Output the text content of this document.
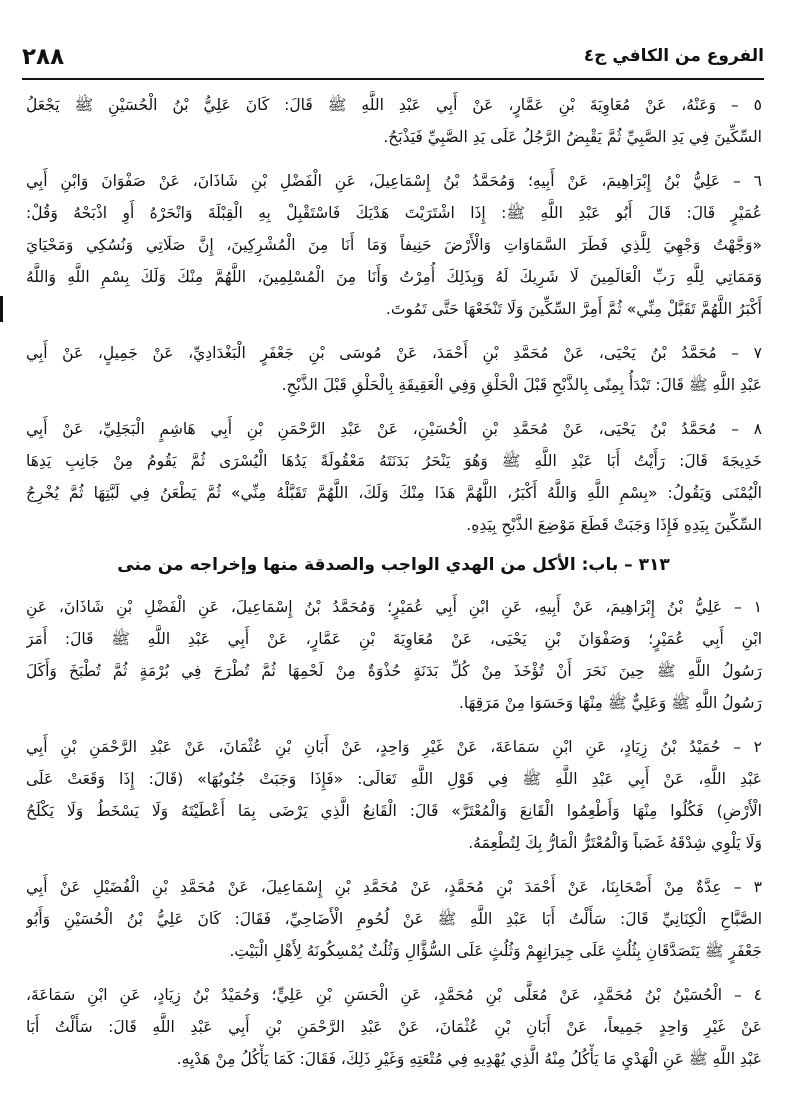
٢٨٨	الفروع من الكافي ج٤
٥ – وَعَنْهُ، عَنْ مُعَاوِيَةَ بْنِ عَمَّارٍ، عَنْ أَبِي عَبْدِ اللَّهِ ﷺ قَالَ: كَانَ عَلِيُّ بْنُ الْحُسَيْنِ ﷺ يَجْعَلُ
السِّكِّينَ فِي يَدِ الصَّبِيِّ ثُمَّ يَقْبِضُ الرَّجُلُ عَلَى يَدِ الصَّبِيِّ فَيَذْبَحُ.
٦ – عَلِيُّ بْنُ إِبْرَاهِيمَ، عَنْ أَبِيهِ؛ وَمُحَمَّدُ بْنُ إِسْمَاعِيلَ، عَنِ الْفَضْلِ بْنِ شَاذَانَ، عَنْ صَفْوَانَ وَابْنِ أَبِي
عُمَيْرٍ قَالَ: قَالَ أَبُو عَبْدِ اللَّهِ ﷺ: إِذَا اشْتَرَيْتَ هَدْيَكَ فَاسْتَقْبِلْ بِهِ الْقِبْلَةَ وَانْحَرْهُ أَوِ اذْبَحْهُ وَقُلْ:
«وَجَّهْتُ وَجْهِيَ لِلَّذِي فَطَرَ السَّمَاوَاتِ وَالْأَرْضَ حَنِيفاً وَمَا أَنَا مِنَ الْمُشْرِكِينَ، إِنَّ صَلَاتِي وَنُسُكِي وَمَحْيَايَ
وَمَمَاتِي لِلَّهِ رَبِّ الْعَالَمِينَ لَا شَرِيكَ لَهُ وَبِذَلِكَ أُمِرْتُ وَأَنَا مِنَ الْمُسْلِمِينَ، اللَّهُمَّ مِنْكَ وَلَكَ بِسْمِ اللَّهِ وَاللَّهُ
أَكْبَرُ اللَّهُمَّ تَقَبَّلْ مِنِّي» ثُمَّ أَمِرَّ السِّكِّينَ وَلَا تَنْخَعْهَا حَتَّى تَمُوتَ.
٧ – مُحَمَّدُ بْنُ يَحْيَى، عَنْ مُحَمَّدِ بْنِ أَحْمَدَ، عَنْ مُوسَى بْنِ جَعْفَرٍ الْبَغْدَادِيِّ، عَنْ جَمِيلٍ، عَنْ أَبِي
عَبْدِ اللَّهِ ﷺ قَالَ: تَبْدَأُ بِمِنًى بِالذَّبْحِ قَبْلَ الْحَلْقِ وَفِي الْعَقِيقَةِ بِالْحَلْقِ قَبْلَ الذَّبْحِ.
٨ – مُحَمَّدُ بْنُ يَحْيَى، عَنْ مُحَمَّدِ بْنِ الْحُسَيْنِ، عَنْ عَبْدِ الرَّحْمَنِ بْنِ أَبِي هَاشِمٍ الْبَجَلِيِّ، عَنْ أَبِي
خَدِيجَةَ قَالَ: رَأَيْتُ أَبَا عَبْدِ اللَّهِ ﷺ وَهُوَ يَنْحَرُ بَدَنَتَهُ مَعْقُولَةً يَدُهَا الْيُسْرَى ثُمَّ يَقُومُ مِنْ جَانِبِ يَدِهَا
الْيُمْنَى وَيَقُولُ: «بِسْمِ اللَّهِ وَاللَّهُ أَكْبَرُ، اللَّهُمَّ هَذَا مِنْكَ وَلَكَ، اللَّهُمَّ تَقَبَّلْهُ مِنِّي» ثُمَّ يَطْعَنُ فِي لَبَّتِهَا ثُمَّ يُخْرِجُ
السِّكِّينَ بِيَدِهِ فَإِذَا وَجَبَتْ قَطَعَ مَوْضِعَ الذَّبْحِ بِيَدِهِ.
٣١٣ – باب: الأكل من الهدي الواجب والصدقة منها وإخراجه من منى
١ – عَلِيُّ بْنُ إِبْرَاهِيمَ، عَنْ أَبِيهِ، عَنِ ابْنِ أَبِي عُمَيْرٍ؛ وَمُحَمَّدُ بْنُ إِسْمَاعِيلَ، عَنِ الْفَضْلِ بْنِ شَاذَانَ، عَنِ
ابْنِ أَبِي عُمَيْرٍ؛ وَصَفْوَانَ بْنِ يَحْيَى، عَنْ مُعَاوِيَةَ بْنِ عَمَّارٍ، عَنْ أَبِي عَبْدِ اللَّهِ ﷺ قَالَ: أَمَرَ
رَسُولُ اللَّهِ ﷺ حِينَ نَحَرَ أَنْ تُؤْخَذَ مِنْ كُلِّ بَدَنَةٍ حُذْوَةٌ مِنْ لَحْمِهَا ثُمَّ تُطْرَحَ فِي بُرْمَةٍ ثُمَّ تُطْبَخَ وَأَكَلَ
رَسُولُ اللَّهِ ﷺ وَعَلِيٌّ ﷺ مِنْهَا وَحَسَوَا مِنْ مَرَقِهَا.
٢ – حُمَيْدُ بْنُ زِيَادٍ، عَنِ ابْنِ سَمَاعَةَ، عَنْ غَيْرِ وَاحِدٍ، عَنْ أَبَانِ بْنِ عُثْمَانَ، عَنْ عَبْدِ الرَّحْمَنِ بْنِ أَبِي
عَبْدِ اللَّهِ، عَنْ أَبِي عَبْدِ اللَّهِ ﷺ فِي قَوْلِ اللَّهِ تَعَالَى: «فَإِذَا وَجَبَتْ جُنُوبُهَا» (قَالَ: إِذَا وَقَعَتْ عَلَى
الْأَرْضِ) فَكُلُوا مِنْهَا وَأَطْعِمُوا الْقَانِعَ وَالْمُعْتَرَّ» قَالَ: الْقَانِعُ الَّذِي يَرْضَى بِمَا أَعْطَيْتَهُ وَلَا يَسْخَطُ وَلَا يَكْلَحُ
وَلَا يَلْوِي شِدْقَهُ غَضَباً وَالْمُعْتَرُّ الْمَارُّ بِكَ لِتُطْعِمَهُ.
٣ – عِدَّةٌ مِنْ أَصْحَابِنَا، عَنْ أَحْمَدَ بْنِ مُحَمَّدٍ، عَنْ مُحَمَّدِ بْنِ إِسْمَاعِيلَ، عَنْ مُحَمَّدِ بْنِ الْفُضَيْلِ عَنْ أَبِي
الصَّبَّاحِ الْكِنَانِيِّ قَالَ: سَأَلْتُ أَبَا عَبْدِ اللَّهِ ﷺ عَنْ لُحُومِ الْأَضَاحِيِّ، فَقَالَ: كَانَ عَلِيُّ بْنُ الْحُسَيْنِ وَأَبُو
جَعْفَرٍ ﷺ يَتَصَدَّقَانِ بِثُلُثٍ عَلَى جِيرَانِهِمْ وَثُلُثٍ عَلَى السُّؤَّالِ وَثُلُثٌ يُمْسِكُونَهُ لِأَهْلِ الْبَيْتِ.
٤ – الْحُسَيْنُ بْنُ مُحَمَّدٍ، عَنْ مُعَلَّى بْنِ مُحَمَّدٍ، عَنِ الْحَسَنِ بْنِ عَلِيٍّ؛ وَحُمَيْدُ بْنُ زِيَادٍ، عَنِ ابْنِ سَمَاعَةَ،
عَنْ غَيْرِ وَاحِدٍ جَمِيعاً، عَنْ أَبَانِ بْنِ عُثْمَانَ، عَنْ عَبْدِ الرَّحْمَنِ بْنِ أَبِي عَبْدِ اللَّهِ قَالَ: سَأَلْتُ أَبَا
عَبْدِ اللَّهِ ﷺ عَنِ الْهَدْيِ مَا يَأْكُلُ مِنْهُ الَّذِي يُهْدِيهِ فِي مُتْعَتِهِ وَغَيْرِ ذَلِكَ، فَقَالَ: كَمَا يَأْكُلُ مِنْ هَدْيِهِ.
